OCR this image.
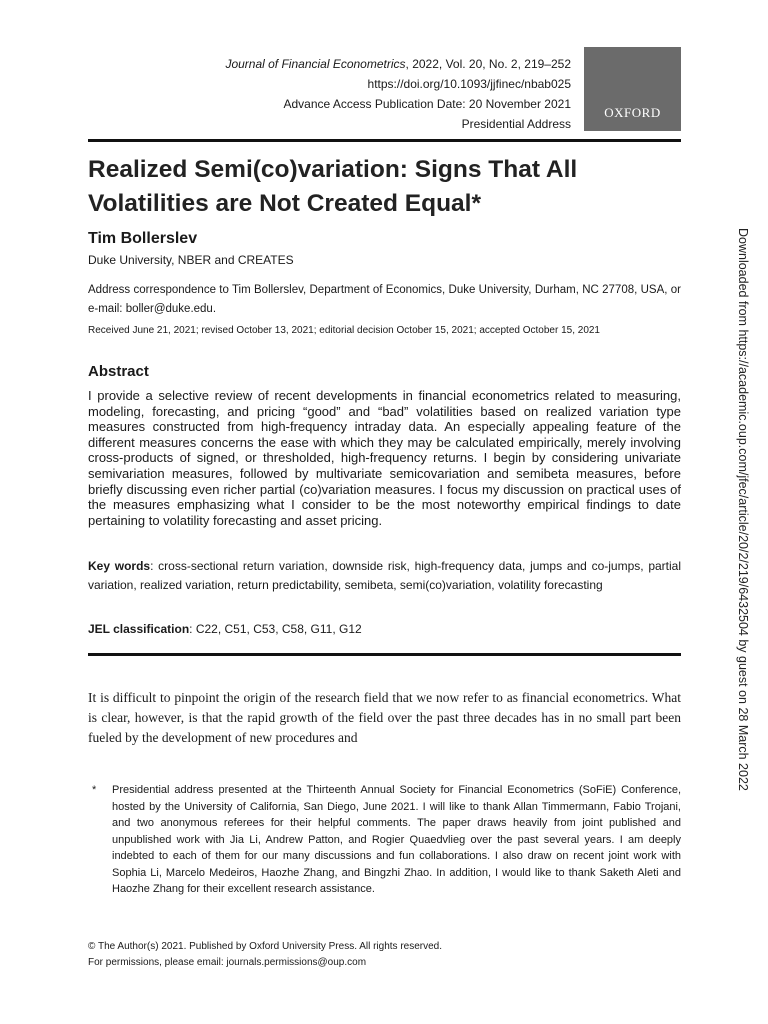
Journal of Financial Econometrics, 2022, Vol. 20, No. 2, 219–252
https://doi.org/10.1093/jjfinec/nbab025
Advance Access Publication Date: 20 November 2021
Presidential Address
OXFORD
Realized Semi(co)variation: Signs That All Volatilities are Not Created Equal*

Tim Bollerslev

Duke University, NBER and CREATES

Address correspondence to Tim Bollerslev, Department of Economics, Duke University, Durham, NC 27708, USA, or e-mail: boller@duke.edu.

Received June 21, 2021; revised October 13, 2021; editorial decision October 15, 2021; accepted October 15, 2021

Abstract

I provide a selective review of recent developments in financial econometrics related to measuring, modeling, forecasting, and pricing “good” and “bad” volatilities based on realized variation type measures constructed from high-frequency intraday data. An especially appealing feature of the different measures concerns the ease with which they may be calculated empirically, merely involving cross-products of signed, or thresholded, high-frequency returns. I begin by considering univariate semivariation measures, followed by multivariate semicovariation and semibeta measures, before briefly discussing even richer partial (co)variation measures. I focus my discussion on practical uses of the measures emphasizing what I consider to be the most noteworthy empirical findings to date pertaining to volatility forecasting and asset pricing.

Key words: cross-sectional return variation, downside risk, high-frequency data, jumps and co-jumps, partial variation, realized variation, return predictability, semibeta, semi(co)variation, volatility forecasting

JEL classification: C22, C51, C53, C58, G11, G12

It is difficult to pinpoint the origin of the research field that we now refer to as financial econometrics. What is clear, however, is that the rapid growth of the field over the past three decades has in no small part been fueled by the development of new procedures and

* Presidential address presented at the Thirteenth Annual Society for Financial Econometrics (SoFiE) Conference, hosted by the University of California, San Diego, June 2021. I will like to thank Allan Timmermann, Fabio Trojani, and two anonymous referees for their helpful comments. The paper draws heavily from joint published and unpublished work with Jia Li, Andrew Patton, and Rogier Quaedvlieg over the past several years. I am deeply indebted to each of them for our many discussions and fun collaborations. I also draw on recent joint work with Sophia Li, Marcelo Medeiros, Haozhe Zhang, and Bingzhi Zhao. In addition, I would like to thank Saketh Aleti and Haozhe Zhang for their excellent research assistance.

© The Author(s) 2021. Published by Oxford University Press. All rights reserved.
For permissions, please email: journals.permissions@oup.com
Downloaded from https://academic.oup.com/jfec/article/20/2/219/6432504 by guest on 28 March 2022
